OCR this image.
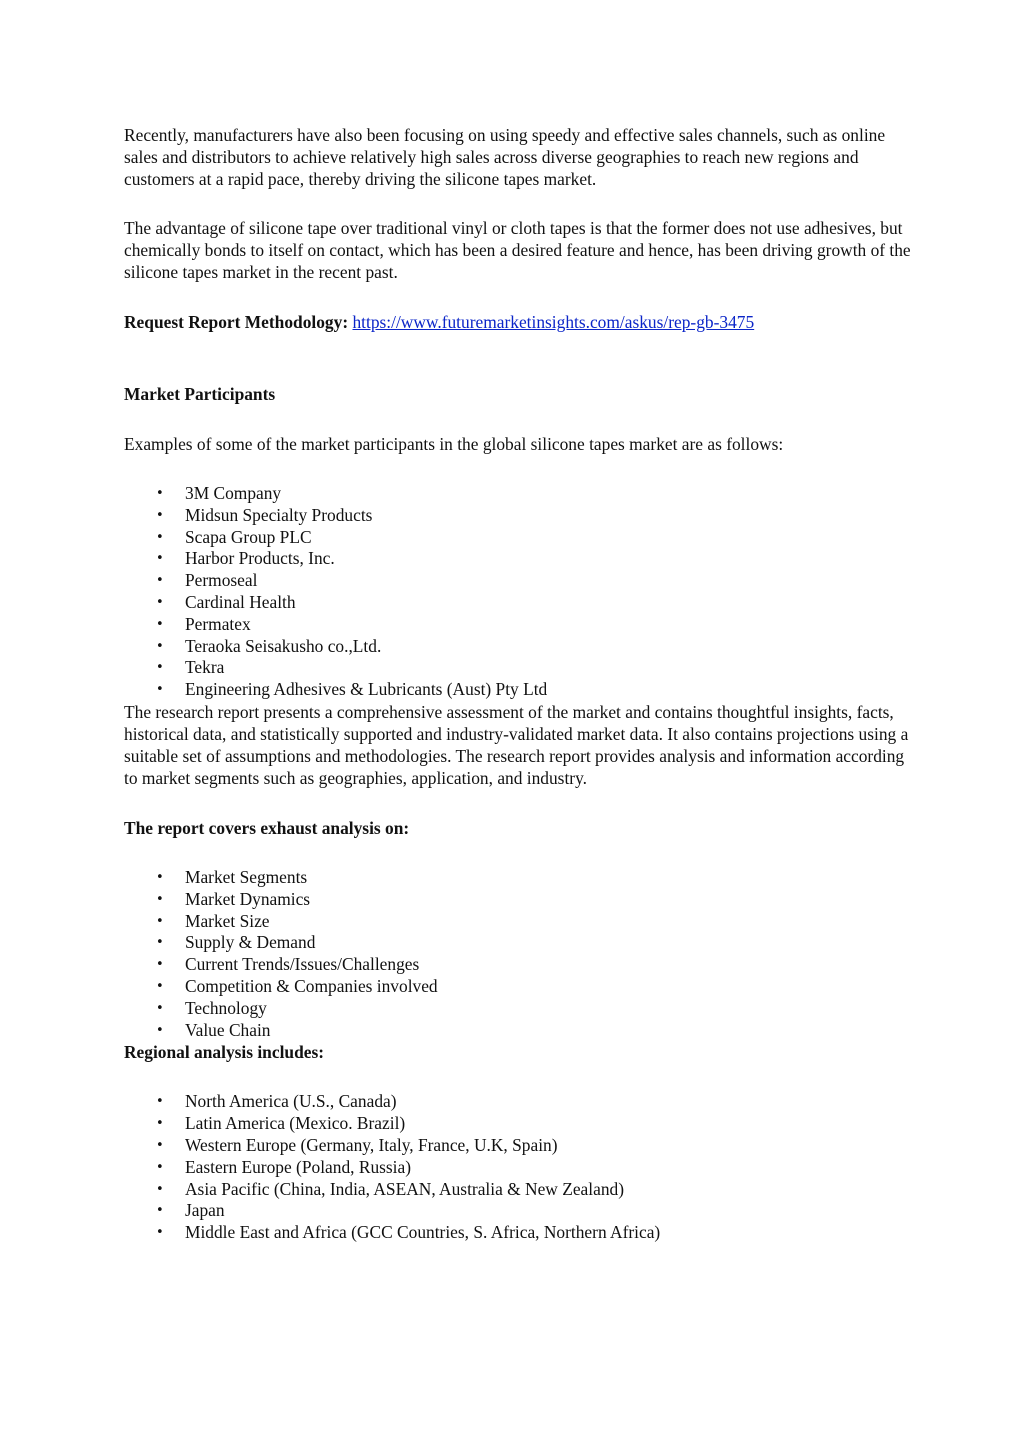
Recently, manufacturers have also been focusing on using speedy and effective sales channels, such as online sales and distributors to achieve relatively high sales across diverse geographies to reach new regions and customers at a rapid pace, thereby driving the silicone tapes market.

The advantage of silicone tape over traditional vinyl or cloth tapes is that the former does not use adhesives, but chemically bonds to itself on contact, which has been a desired feature and hence, has been driving growth of the silicone tapes market in the recent past.

Request Report Methodology: https://www.futuremarketinsights.com/askus/rep-gb-3475

Market Participants

Examples of some of the market participants in the global silicone tapes market are as follows:

• 3M Company
• Midsun Specialty Products
• Scapa Group PLC
• Harbor Products, Inc.
• Permoseal
• Cardinal Health
• Permatex
• Teraoka Seisakusho co.,Ltd.
• Tekra
• Engineering Adhesives & Lubricants (Aust) Pty Ltd

The research report presents a comprehensive assessment of the market and contains thoughtful insights, facts, historical data, and statistically supported and industry-validated market data. It also contains projections using a suitable set of assumptions and methodologies. The research report provides analysis and information according to market segments such as geographies, application, and industry.

The report covers exhaust analysis on:

• Market Segments
• Market Dynamics
• Market Size
• Supply & Demand
• Current Trends/Issues/Challenges
• Competition & Companies involved
• Technology
• Value Chain

Regional analysis includes:

• North America (U.S., Canada)
• Latin America (Mexico. Brazil)
• Western Europe (Germany, Italy, France, U.K, Spain)
• Eastern Europe (Poland, Russia)
• Asia Pacific (China, India, ASEAN, Australia & New Zealand)
• Japan
• Middle East and Africa (GCC Countries, S. Africa, Northern Africa)
